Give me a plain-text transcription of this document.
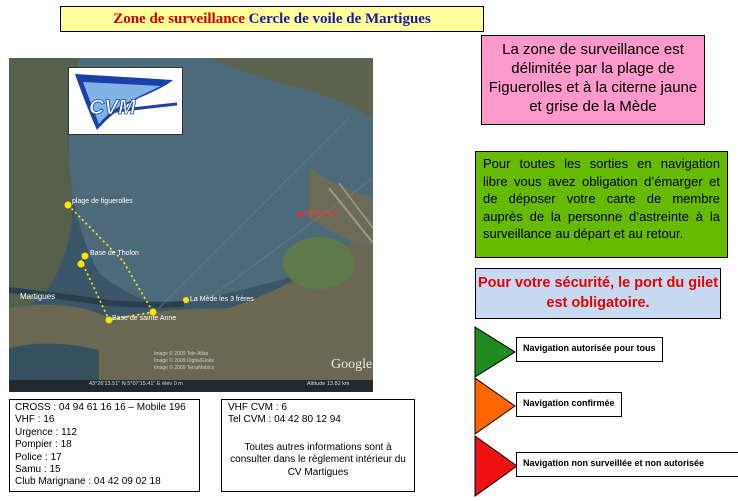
Zone de surveillance Cercle de voile de Martigues
La zone de surveillance est délimitée par la plage de Figuerolles et à la citerne jaune et grise de la Mède
Pour toutes les sorties en navigation libre vous avez obligation d’émarger et de déposer votre carte de membre auprès de la personne d’astreinte à la surveillance au départ et au retour.
Pour votre sécurité, le port du gilet est obligatoire.
plage de figuerolles
Base de Tholon
Marignane
Martigues	La Mède les 3 frères
Base de sainte Anne
Image © 2009 Tele Atlas
Image © 2009 DigitalGlobe
Image © 2009 TerraMetrics	Google
43°26'13.51" N 5°07'15.41" E élév 0 m	Altitude 13.82 km
CVM
CROSS : 04 94 61 16 16 – Mobile 196
VHF : 16
Urgence : 112
Pompier : 18
Police : 17
Samu : 15
Club Marignane : 04 42 09 02 18
VHF CVM : 6
Tel CVM : 04 42 80 12 94
Toutes autres informations sont à consulter dans le règlement intérieur du CV Martigues
Navigation autorisée pour tous
Navigation confirmée
Navigation non surveillée et non autorisée
